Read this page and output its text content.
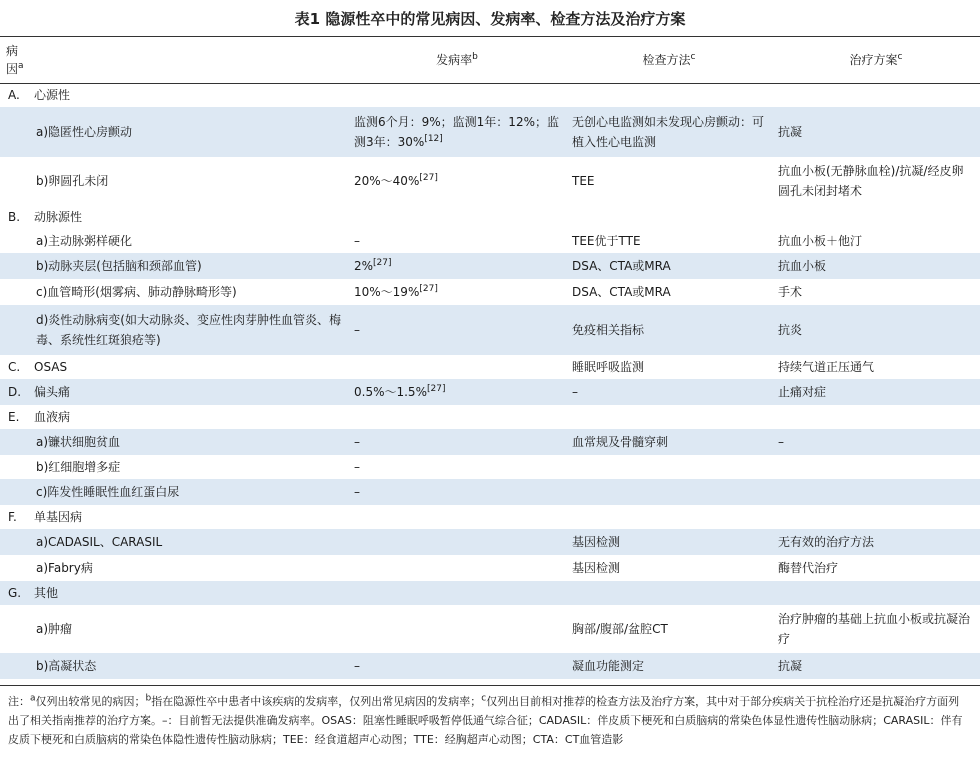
表1 隐源性卒中的常见病因、发病率、检查方法及治疗方案
病
因$^a$	发病率$^b$	检查方法$^c$	治疗方案$^c$
A. 心源性			
a)隐匿性心房颤动	监测6个月：9%；监测1年：12%；监测3年：30%[12]	无创心电监测如未发现心房颤动：可植入性心电监测	抗凝
b)卵圆孔未闭	20%～40%[27]	TEE	抗血小板(无静脉血栓)/抗凝/经皮卵圆孔未闭封堵术
B. 动脉源性			
a)主动脉粥样硬化	–	TEE优于TTE	抗血小板＋他汀
b)动脉夹层(包括脑和颈部血管)	2%[27]	DSA、CTA或MRA	抗血小板
c)血管畸形(烟雾病、肺动静脉畸形等)	10%～19%[27]	DSA、CTA或MRA	手术
d)炎性动脉病变(如大动脉炎、变应性肉芽肿性血管炎、梅毒、系统性红斑狼疮等)	–	免疫相关指标	抗炎
C. OSAS		睡眠呼吸监测	持续气道正压通气
D. 偏头痛	0.5%～1.5%[27]	–	止痛对症
E. 血液病			
a)镰状细胞贫血	–	血常规及骨髓穿刺	–
b)红细胞增多症	–		
c)阵发性睡眠性血红蛋白尿	–		
F. 单基因病			
a)CADASIL、CARASIL		基因检测	无有效的治疗方法
a)Fabry病		基因检测	酶替代治疗
G. 其他			
a)肿瘤		胸部/腹部/盆腔CT	治疗肿瘤的基础上抗血小板或抗凝治疗
b)高凝状态	–	凝血功能测定	抗凝
注：$^a$仅列出较常见的病因；$^b$指在隐源性卒中患者中该疾病的发病率，仅列出常见病因的发病率；$^c$仅列出目前相对推荐的检查方法及治疗方案，其中对于部分疾病关于抗栓治疗还是抗凝治疗方面列出了相关指南推荐的治疗方案。–：目前暂无法提供准确发病率。OSAS：阻塞性睡眠呼吸暂停低通气综合征；CADASIL：伴皮质下梗死和白质脑病的常染色体显性遗传性脑动脉病；CARASIL：伴有皮质下梗死和白质脑病的常染色体隐性遗传性脑动脉病；TEE：经食道超声心动图；TTE：经胸超声心动图；CTA：CT血管造影
